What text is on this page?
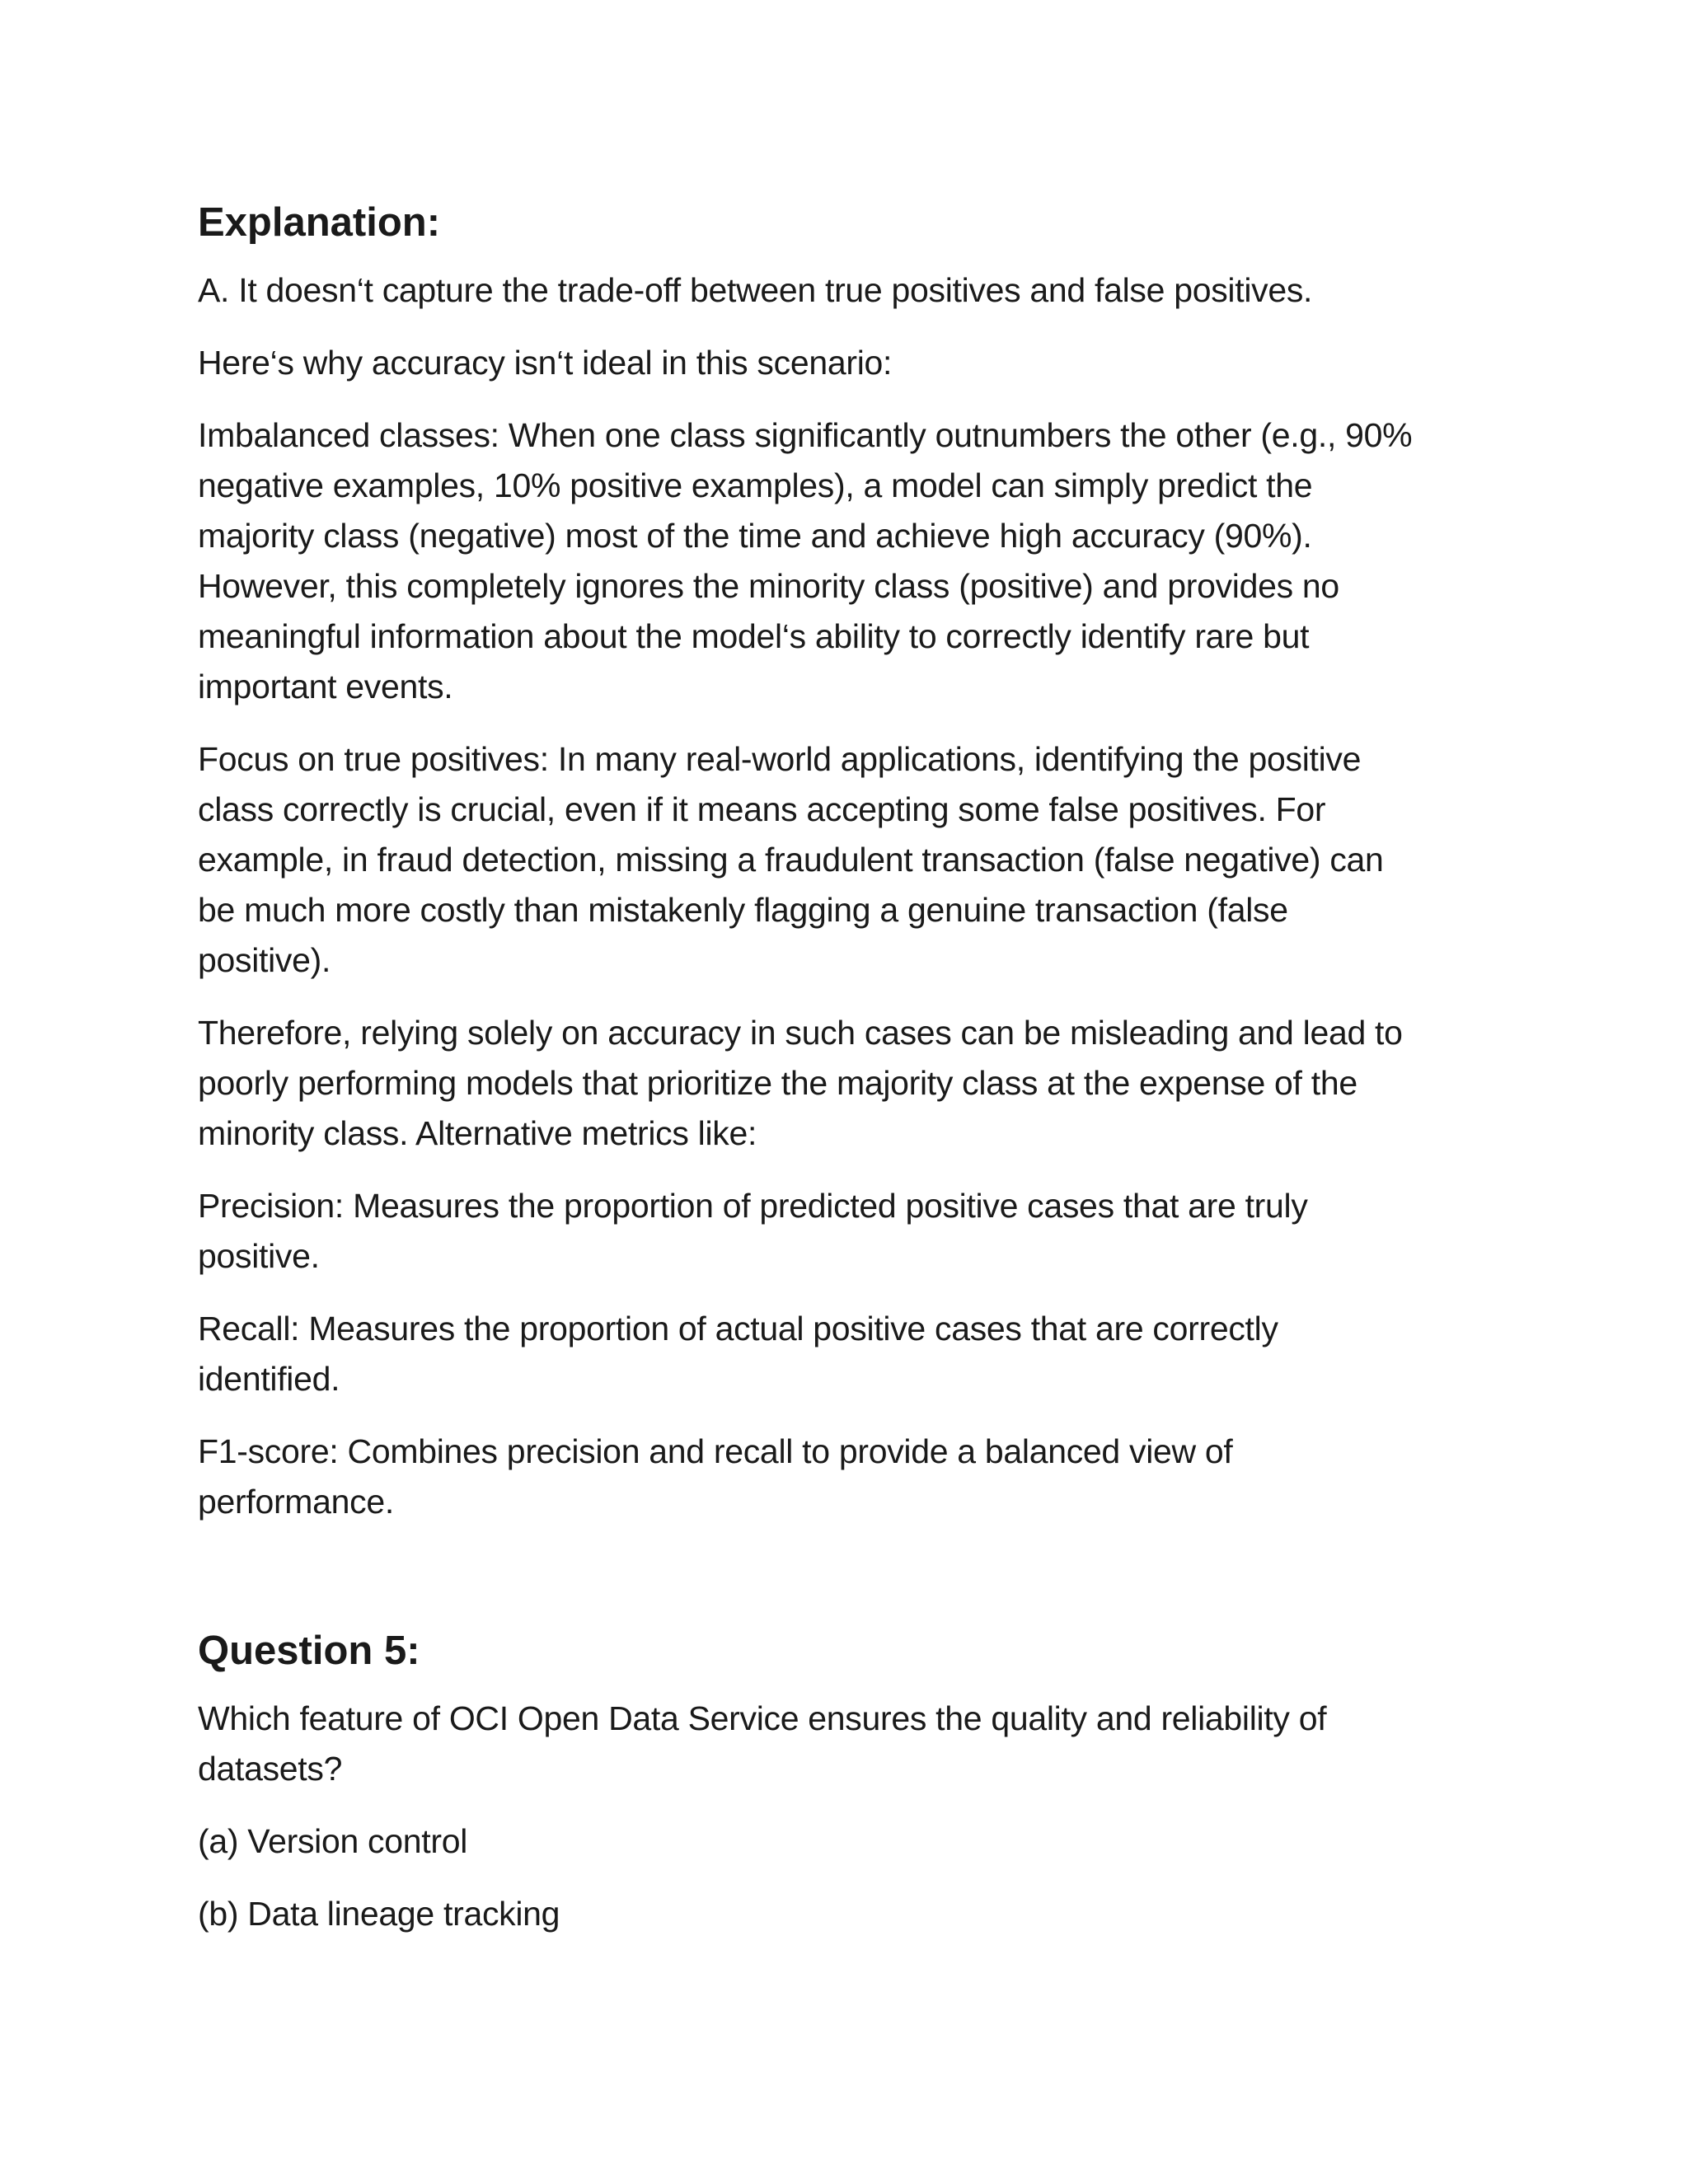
Explanation:
A. It doesn‘t capture the trade-off between true positives and false positives.
Here‘s why accuracy isn‘t ideal in this scenario:
Imbalanced classes: When one class significantly outnumbers the other (e.g., 90%
negative examples, 10% positive examples), a model can simply predict the
majority class (negative) most of the time and achieve high accuracy (90%).
However, this completely ignores the minority class (positive) and provides no
meaningful information about the model‘s ability to correctly identify rare but
important events.
Focus on true positives: In many real-world applications, identifying the positive
class correctly is crucial, even if it means accepting some false positives. For
example, in fraud detection, missing a fraudulent transaction (false negative) can
be much more costly than mistakenly flagging a genuine transaction (false
positive).
Therefore, relying solely on accuracy in such cases can be misleading and lead to
poorly performing models that prioritize the majority class at the expense of the
minority class. Alternative metrics like:
Precision: Measures the proportion of predicted positive cases that are truly
positive.
Recall: Measures the proportion of actual positive cases that are correctly
identified.
F1-score: Combines precision and recall to provide a balanced view of
performance.
Question 5:
Which feature of OCI Open Data Service ensures the quality and reliability of
datasets?
(a) Version control
(b) Data lineage tracking
